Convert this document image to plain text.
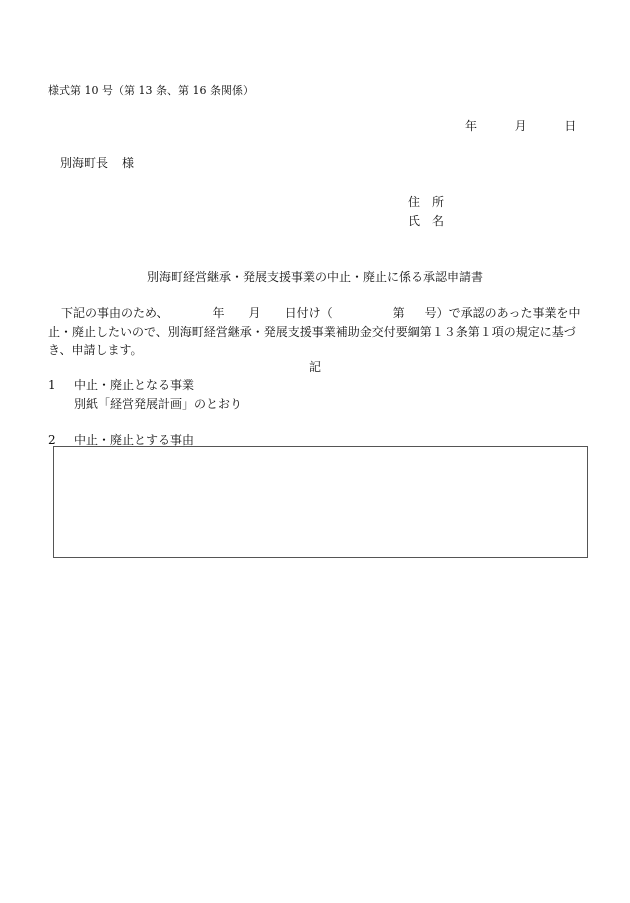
様式第 10 号（第 13 条、第 16 条関係）
年	月	日
別海町長 様
住　所
氏　名
別海町経営継承・発展支援事業の中止・廃止に係る承認申請書
下記の事由のため、	年 月 日付け（	第 号）で承認のあった事業を中止・廃止したいので、別海町経営継承・発展支援事業補助金交付要綱第１３条第１項の規定に基づき、申請します。
記
1 中止・廃止となる事業
別紙「経営発展計画」のとおり
2 中止・廃止とする事由
